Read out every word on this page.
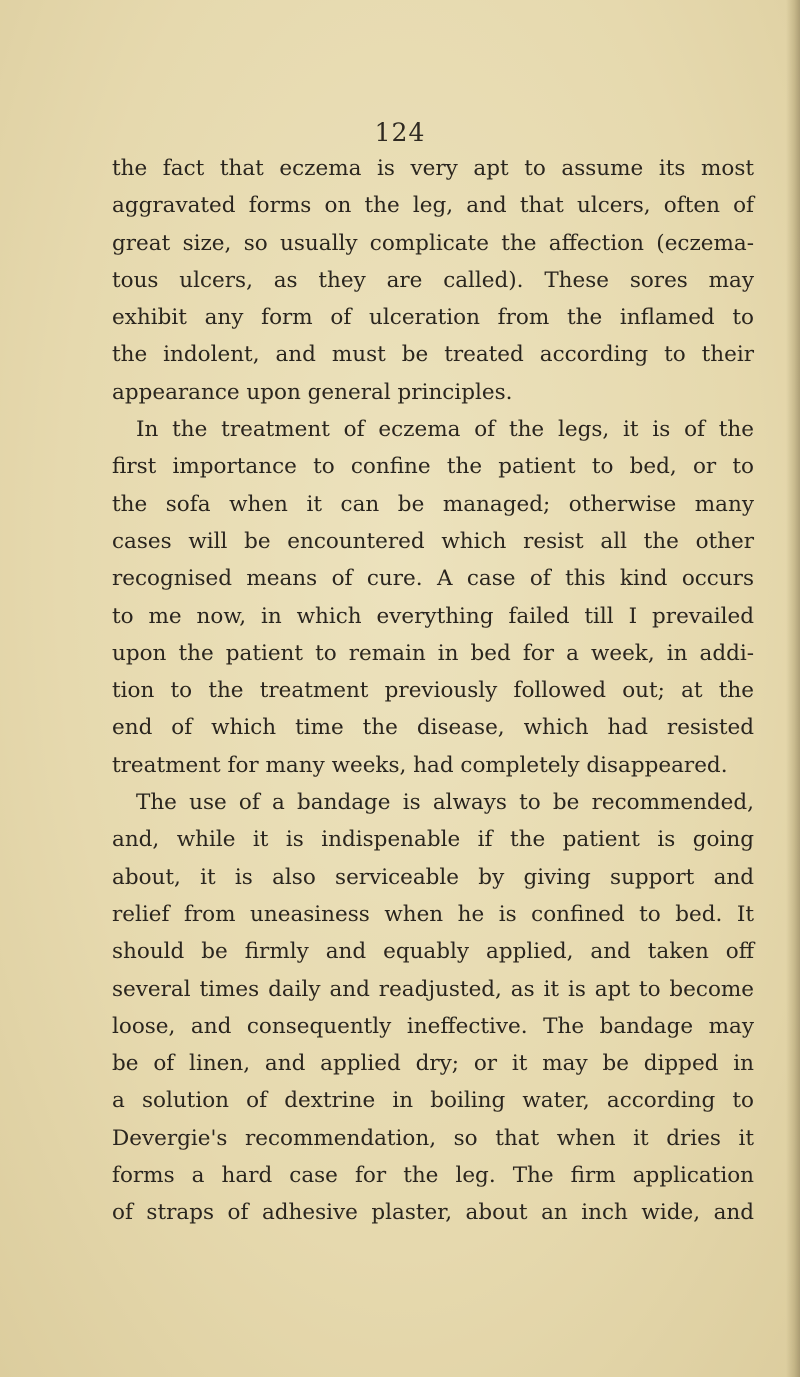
124
the fact that eczema is very apt to assume its most
aggravated forms on the leg, and that ulcers, often of
great size, so usually complicate the affection (eczema-
tous ulcers, as they are called). These sores may
exhibit any form of ulceration from the inflamed to
the indolent, and must be treated according to their
appearance upon general principles.
In the treatment of eczema of the legs, it is of the
first importance to confine the patient to bed, or to
the sofa when it can be managed; otherwise many
cases will be encountered which resist all the other
recognised means of cure. A case of this kind occurs
to me now, in which everything failed till I prevailed
upon the patient to remain in bed for a week, in addi-
tion to the treatment previously followed out; at the
end of which time the disease, which had resisted
treatment for many weeks, had completely disappeared.
The use of a bandage is always to be recommended,
and, while it is indispenable if the patient is going
about, it is also serviceable by giving support and
relief from uneasiness when he is confined to bed. It
should be firmly and equably applied, and taken off
several times daily and readjusted, as it is apt to become
loose, and consequently ineffective. The bandage may
be of linen, and applied dry; or it may be dipped in
a solution of dextrine in boiling water, according to
Devergie's recommendation, so that when it dries it
forms a hard case for the leg. The firm application
of straps of adhesive plaster, about an inch wide, and
